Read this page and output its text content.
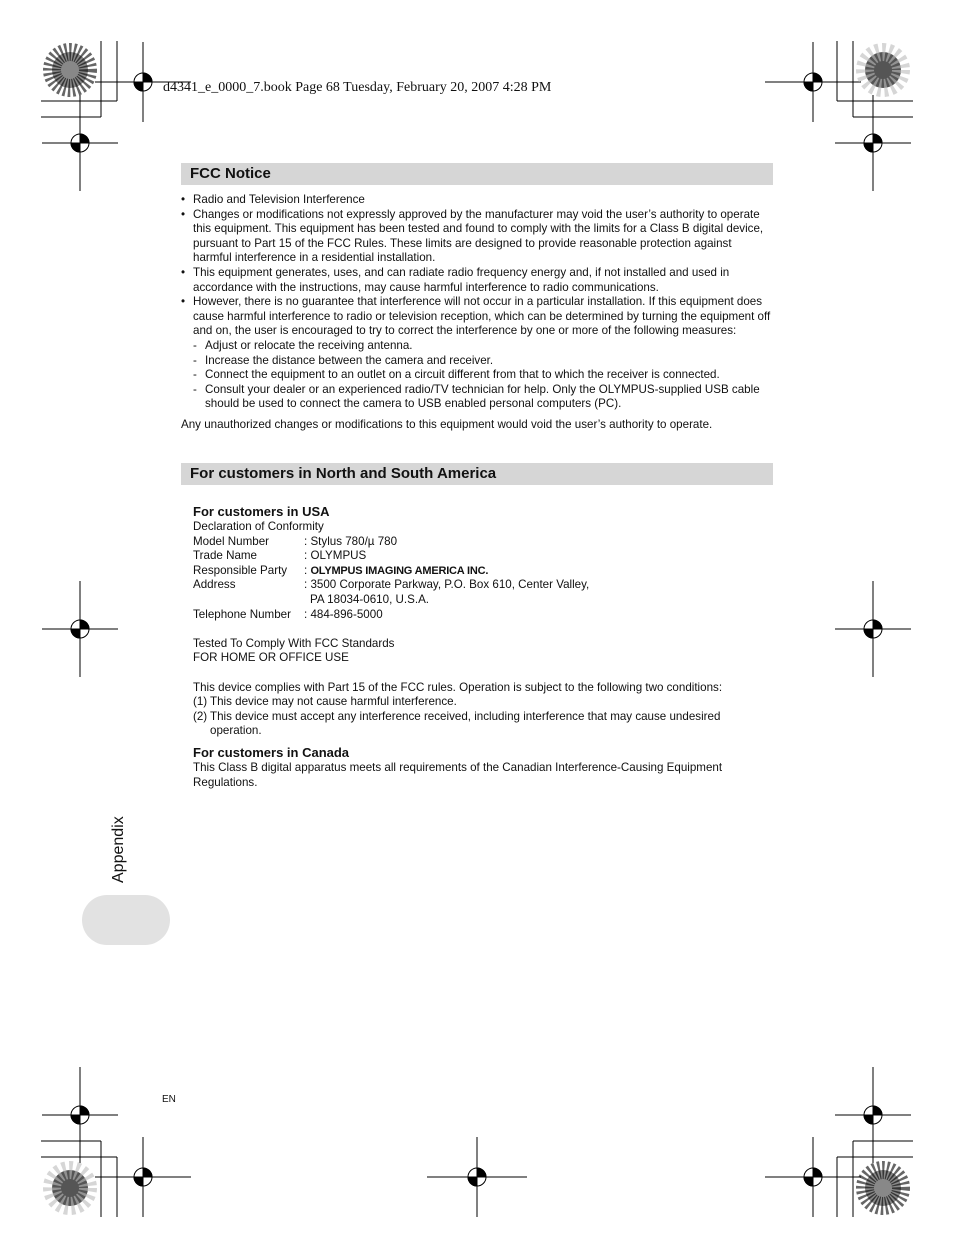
d4341_e_0000_7.book Page 68 Tuesday, February 20, 2007 4:28 PM
FCC Notice
• Radio and Television Interference
• Changes or modifications not expressly approved by the manufacturer may void the user’s authority to operate this equipment. This equipment has been tested and found to comply with the limits for a Class B digital device, pursuant to Part 15 of the FCC Rules. These limits are designed to provide reasonable protection against harmful interference in a residential installation.
• This equipment generates, uses, and can radiate radio frequency energy and, if not installed and used in accordance with the instructions, may cause harmful interference to radio communications.
• However, there is no guarantee that interference will not occur in a particular installation. If this equipment does cause harmful interference to radio or television reception, which can be determined by turning the equipment off and on, the user is encouraged to try to correct the interference by one or more of the following measures:
- Adjust or relocate the receiving antenna.
- Increase the distance between the camera and receiver.
- Connect the equipment to an outlet on a circuit different from that to which the receiver is connected.
- Consult your dealer or an experienced radio/TV technician for help. Only the OLYMPUS-supplied USB cable should be used to connect the camera to USB enabled personal computers (PC).
Any unauthorized changes or modifications to this equipment would void the user’s authority to operate.
For customers in North and South America
For customers in USA
Declaration of Conformity
Model Number	: Stylus 780/µ 780
Trade Name	: OLYMPUS
Responsible Party	: OLYMPUS IMAGING AMERICA INC.
Address	: 3500 Corporate Parkway, P.O. Box 610, Center Valley,
PA 18034-0610, U.S.A.
Telephone Number	: 484-896-5000
Tested To Comply With FCC Standards
FOR HOME OR OFFICE USE
This device complies with Part 15 of the FCC rules. Operation is subject to the following two conditions:
(1) This device may not cause harmful interference.
(2) This device must accept any interference received, including interference that may cause undesired operation.
For customers in Canada
This Class B digital apparatus meets all requirements of the Canadian Interference-Causing Equipment Regulations.
Appendix
EN
